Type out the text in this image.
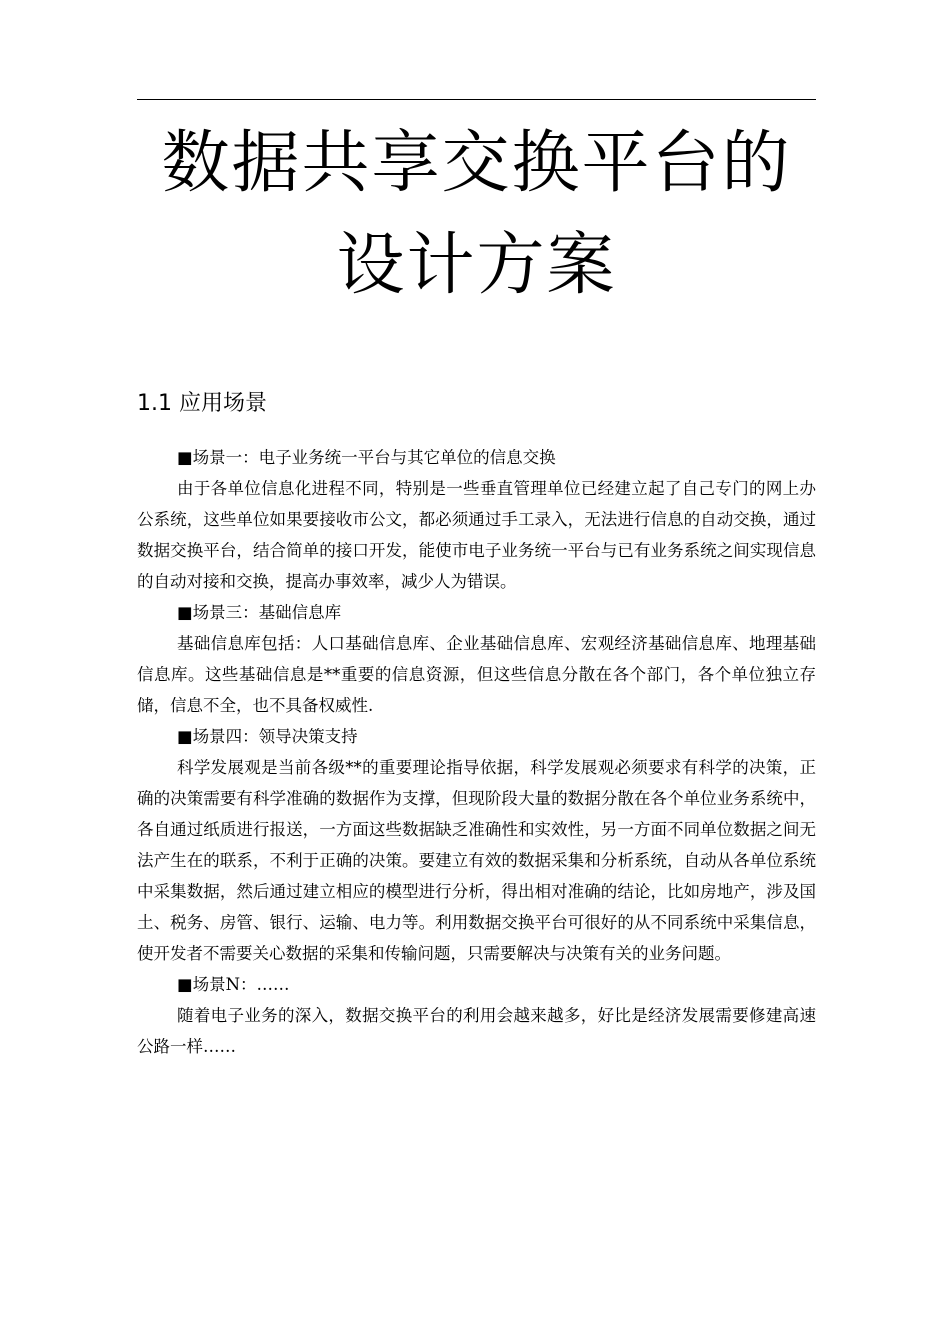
数据共享交换平台的
设计方案
1.1 应用场景

■场景一：电子业务统一平台与其它单位的信息交换

由于各单位信息化进程不同，特别是一些垂直管理单位已经建立起了自己专门的网上办公系统，这些单位如果要接收市公文，都必须通过手工录入，无法进行信息的自动交换，通过数据交换平台，结合简单的接口开发，能使市电子业务统一平台与已有业务系统之间实现信息的自动对接和交换，提高办事效率，减少人为错误。

■场景三：基础信息库

基础信息库包括：人口基础信息库、企业基础信息库、宏观经济基础信息库、地理基础信息库。这些基础信息是**重要的信息资源，但这些信息分散在各个部门，各个单位独立存储，信息不全，也不具备权威性.

■场景四：领导决策支持

科学发展观是当前各级**的重要理论指导依据，科学发展观必须要求有科学的决策，正确的决策需要有科学准确的数据作为支撑，但现阶段大量的数据分散在各个单位业务系统中，各自通过纸质进行报送，一方面这些数据缺乏准确性和实效性，另一方面不同单位数据之间无法产生在的联系，不利于正确的决策。要建立有效的数据采集和分析系统，自动从各单位系统中采集数据，然后通过建立相应的模型进行分析，得出相对准确的结论，比如房地产，涉及国土、税务、房管、银行、运输、电力等。利用数据交换平台可很好的从不同系统中采集信息，使开发者不需要关心数据的采集和传输问题，只需要解决与决策有关的业务问题。

■场景N：……

随着电子业务的深入，数据交换平台的利用会越来越多，好比是经济发展需要修建高速公路一样……
